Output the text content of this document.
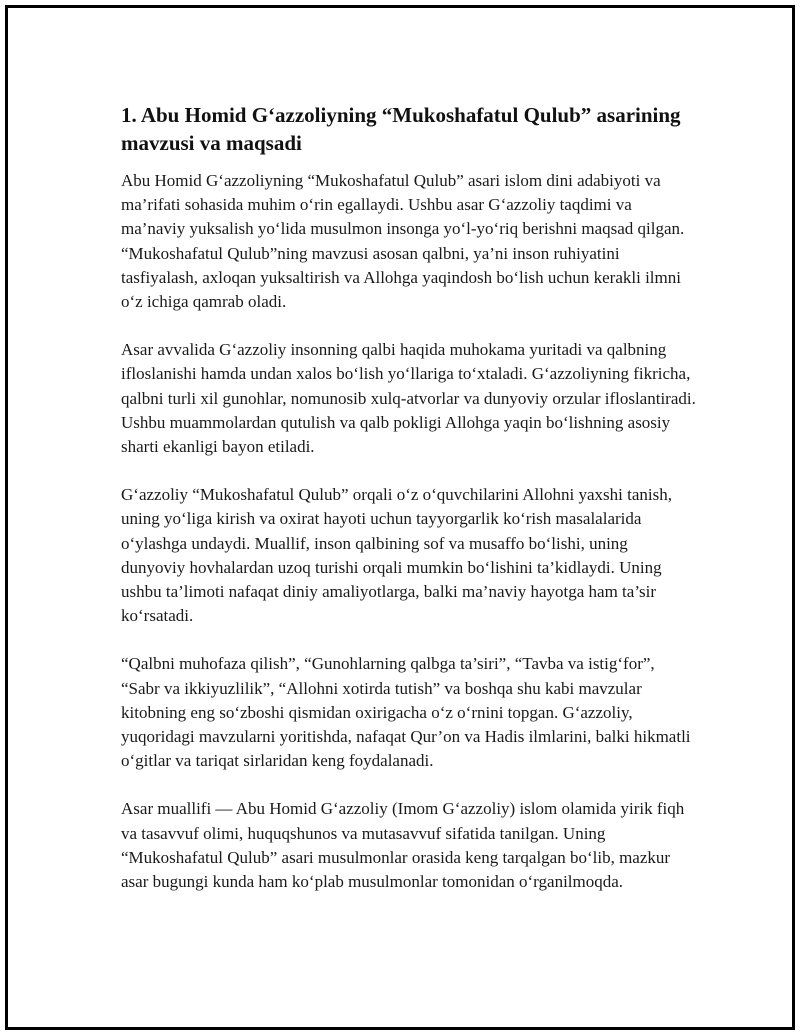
1. Abu Homid G‘azzoliyning “Mukoshafatul Qulub” asarining mavzusi va maqsadi

Abu Homid G‘azzoliyning “Mukoshafatul Qulub” asari islom dini adabiyoti va ma’rifati sohasida muhim o‘rin egallaydi. Ushbu asar G‘azzoliy taqdimi va ma’naviy yuksalish yo‘lida musulmon insonga yo‘l-yo‘riq berishni maqsad qilgan. “Mukoshafatul Qulub”ning mavzusi asosan qalbni, ya’ni inson ruhiyatini tasfiyalash, axloqan yuksaltirish va Allohga yaqindosh bo‘lish uchun kerakli ilmni o‘z ichiga qamrab oladi.

Asar avvalida G‘azzoliy insonning qalbi haqida muhokama yuritadi va qalbning ifloslanishi hamda undan xalos bo‘lish yo‘llariga to‘xtaladi. G‘azzoliyning fikricha, qalbni turli xil gunohlar, nomunosib xulq-atvorlar va dunyoviy orzular ifloslantiradi. Ushbu muammolardan qutulish va qalb pokligi Allohga yaqin bo‘lishning asosiy sharti ekanligi bayon etiladi.

G‘azzoliy “Mukoshafatul Qulub” orqali o‘z o‘quvchilarini Allohni yaxshi tanish, uning yo‘liga kirish va oxirat hayoti uchun tayyorgarlik ko‘rish masalalarida o‘ylashga undaydi. Muallif, inson qalbining sof va musaffo bo‘lishi, uning dunyoviy hovhalardan uzoq turishi orqali mumkin bo‘lishini ta’kidlaydi. Uning ushbu ta’limoti nafaqat diniy amaliyotlarga, balki ma’naviy hayotga ham ta’sir ko‘rsatadi.

“Qalbni muhofaza qilish”, “Gunohlarning qalbga ta’siri”, “Tavba va istig‘for”, “Sabr va ikkiyuzlilik”, “Allohni xotirda tutish” va boshqa shu kabi mavzular kitobning eng so‘zboshi qismidan oxirigacha o‘z o‘rnini topgan. G‘azzoliy, yuqoridagi mavzularni yoritishda, nafaqat Qur’on va Hadis ilmlarini, balki hikmatli o‘gitlar va tariqat sirlaridan keng foydalanadi.

Asar muallifi — Abu Homid G‘azzoliy (Imom G‘azzoliy) islom olamida yirik fiqh va tasavvuf olimi, huquqshunos va mutasavvuf sifatida tanilgan. Uning “Mukoshafatul Qulub” asari musulmonlar orasida keng tarqalgan bo‘lib, mazkur asar bugungi kunda ham ko‘plab musulmonlar tomonidan o‘rganilmoqda.
